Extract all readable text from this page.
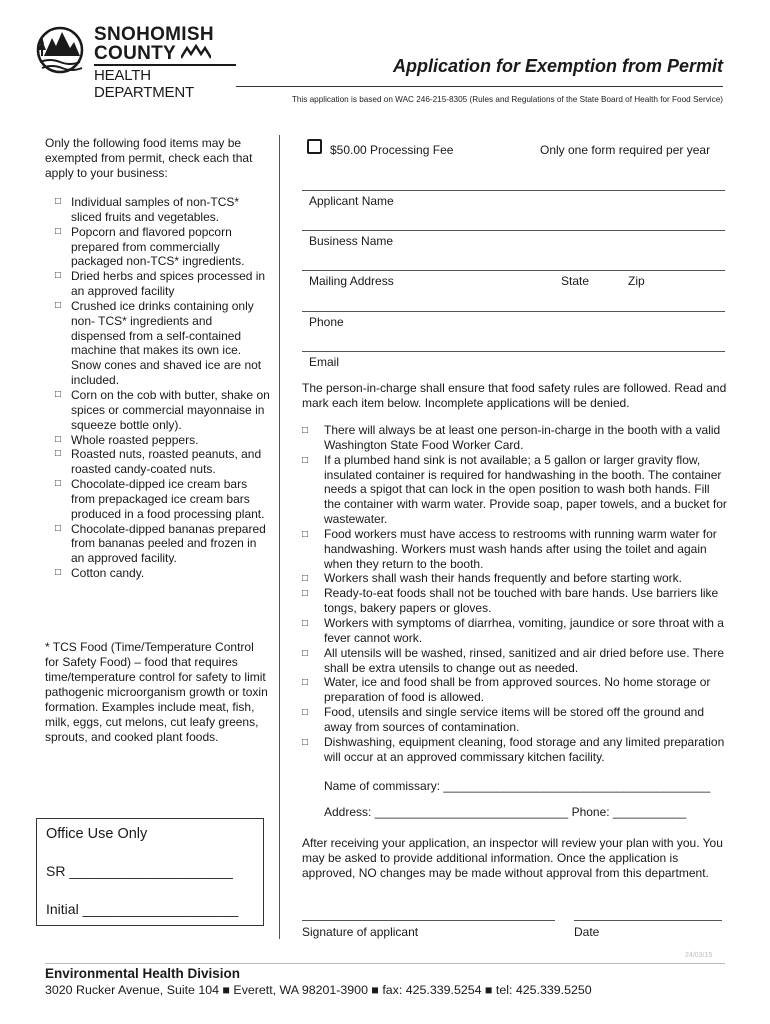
SNOHOMISH
COUNTY
HEALTH DEPARTMENT
Application for Exemption from Permit
This application is based on WAC 246-215-8305 (Rules and Regulations of the State Board of Health for Food Service)
Only the following food items may be exempted from permit, check each that apply to your business:
□ Individual samples of non-TCS* sliced fruits and vegetables.
□ Popcorn and flavored popcorn prepared from commercially packaged non-TCS* ingredients.
□ Dried herbs and spices processed in an approved facility
□ Crushed ice drinks containing only non- TCS* ingredients and dispensed from a self-contained machine that makes its own ice. Snow cones and shaved ice are not included.
□ Corn on the cob with butter, shake on spices or commercial mayonnaise in squeeze bottle only).
□ Whole roasted peppers.
□ Roasted nuts, roasted peanuts, and roasted candy-coated nuts.
□ Chocolate-dipped ice cream bars from prepackaged ice cream bars produced in a food processing plant.
□ Chocolate-dipped bananas prepared from bananas peeled and frozen in an approved facility.
□ Cotton candy.
* TCS Food (Time/Temperature Control for Safety Food) – food that requires time/temperature control for safety to limit pathogenic microorganism growth or toxin formation. Examples include meat, fish, milk, eggs, cut melons, cut leafy greens, sprouts, and cooked plant foods.
Office Use Only
SR _____________________
Initial ____________________
$50.00 Processing Fee	Only one form required per year
Applicant Name
Business Name
Mailing Address	State	Zip
Phone
Email
The person-in-charge shall ensure that food safety rules are followed. Read and mark each item below. Incomplete applications will be denied.
□ There will always be at least one person-in-charge in the booth with a valid Washington State Food Worker Card.
□ If a plumbed hand sink is not available; a 5 gallon or larger gravity flow, insulated container is required for handwashing in the booth. The container needs a spigot that can lock in the open position to wash both hands. Fill the container with warm water. Provide soap, paper towels, and a bucket for wastewater.
□ Food workers must have access to restrooms with running warm water for handwashing. Workers must wash hands after using the toilet and again when they return to the booth.
□ Workers shall wash their hands frequently and before starting work.
□ Ready-to-eat foods shall not be touched with bare hands. Use barriers like tongs, bakery papers or gloves.
□ Workers with symptoms of diarrhea, vomiting, jaundice or sore throat with a fever cannot work.
□ All utensils will be washed, rinsed, sanitized and air dried before use. There shall be extra utensils to change out as needed.
□ Water, ice and food shall be from approved sources. No home storage or preparation of food is allowed.
□ Food, utensils and single service items will be stored off the ground and away from sources of contamination.
□ Dishwashing, equipment cleaning, food storage and any limited preparation will occur at an approved commissary kitchen facility.
Name of commissary: ________________________________________
Address: _____________________________ Phone: ___________
After receiving your application, an inspector will review your plan with you. You may be asked to provide additional information. Once the application is approved, NO changes may be made without approval from this department.
Signature of applicant	Date
24/03/15
Environmental Health Division
3020 Rucker Avenue, Suite 104 ■ Everett, WA 98201-3900 ■ fax: 425.339.5254 ■ tel: 425.339.5250
